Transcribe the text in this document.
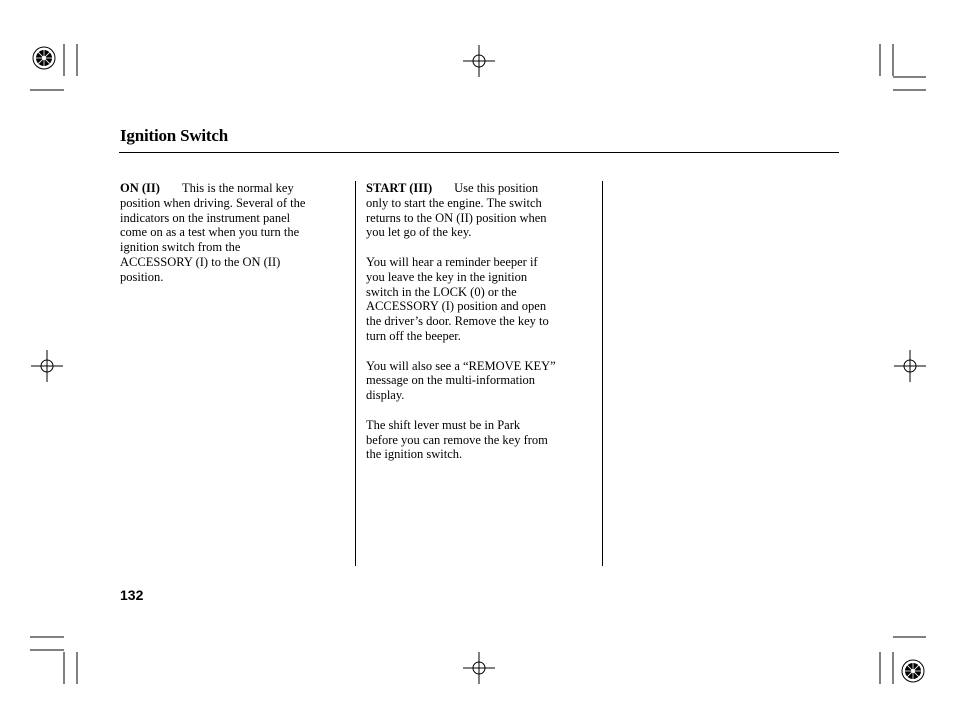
Ignition Switch

ON (II) This is the normal key
position when driving. Several of the
indicators on the instrument panel
come on as a test when you turn the
ignition switch from the
ACCESSORY (I) to the ON (II)
position.

START (III) Use this position
only to start the engine. The switch
returns to the ON (II) position when
you let go of the key.

You will hear a reminder beeper if
you leave the key in the ignition
switch in the LOCK (0) or the
ACCESSORY (I) position and open
the driver’s door. Remove the key to
turn off the beeper.

You will also see a “REMOVE KEY”
message on the multi-information
display.

The shift lever must be in Park
before you can remove the key from
the ignition switch.

132
